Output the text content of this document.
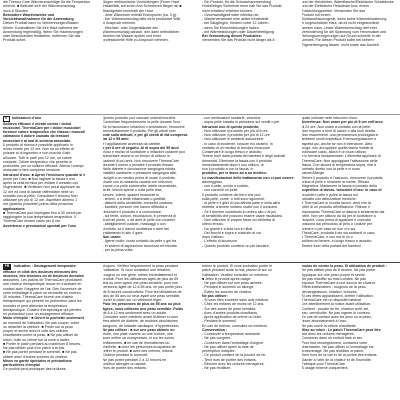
die Thermo Care Wärmeumschläge für die Temperatur

erreicht. ■ Befindet sich der Wärmeumschlag

noch 8 Stunden

Besondere Warnhinweise und

Vorsichtsmaßnahmen für die Anwendung

Dieses Produkt kann zu Verbrennungen/Blasen

führen. Kontrollieren Sie Ihre Haut während der

Anwendung regelmäßig. Wenn Sie Hautreizungen

oder Beschwerden feststellen, entfernen Sie das

Produkt sofort.

Gegen elektronische Vorrichtungen (Feuer Haut

Instabilität, auf einen Arzt Schmerzen fliegen ab ■

Brandgefahr innerhalb der Haut

- Jede Wärmeuhr enthält Eisenpulver (ca. 3 g).

- Der Wärmeumschlag bitte nicht produktive Wiki

in Aospruch nehmen.

- Wechsel- oder Gegenständet den

Wärmeumschlag danach, den darin befindlichen

Bereich mit Wasser spülen und einer

professionelle Hilfe zu Anspruch nehmen.

- Ein Produkt, für die Schwachannwendung

Hochfühliger Sicherheit einer hab Sie das Produkt

nicht erhalten/ erfahren können.

- Geschwindigkeit wäre infektion an

- Wiederverwendet eine aktive Inhaltsteile

- bei Säuglingen, Kindern unter 12 Jahren

- wenn Sie Einschränkungen haben

- mit Wärmestörungen oder Dauerbeteiligung

Bei Verwendung dieses Produktes:

Verwenden Sie das Produkt nicht länger als 8

und der Heizkörber, Warmflasche/Elektrische Schlafdecke

und der Elektrische Heizdecke bzw. einem

Entwicklungszeiten. Verwenden Sie das

Produkt mit einem

Bluttransfusionsgerät, wenn keine Wärmeblockierung

in ungeschützter Haut, da es nicht eingeschränkt

werden kann. Unser Wärmeumschlag darf eher

Verhinderung für die Spannung vom Herzmuskel und

Heilungsverzögerungen auf Grund schnelle In der

Umwelt. Für diesen Produkt sollte bei keinem

Eigenerbringung lassen. nicht sowie das Ausheil-

IT Indicazioni d'uso

Sollievo efficace e mirato contro i dolori

muscolari. ThermaCare per i dolori muscolari

fornisce calore terapeutico che rilassa i muscoli

calmando il dolore causato da tensioni

muscolari e ai mal di schiena associato.

Il prodotto di ricerca è possibile applicarlo in

modo mirato per 12 ore. Non ha un effetto di

pulsare al di ingombro e non riuscirà il lato

all'usare. Tutti le parti può 12 ore, un calore

costante. Calore terapeutico che penetra in

profondità, per un sollievo efficace. Allevia i crampi

muscolari e fare comprese tensione.

Istruzioni d'uso: ■ Aprire l'involucro quando si è

pronti per l'uso. ■ Non tagliare la fascia e non

aprire la cella termica per evitare il contatto con

l'ingrediente. ■ Verificare ricci pezzi applicare da

12 ore ed cura di lasciar raffreddare nelle un

contatto con la pelle. Consultare il termino Non

utilizzare per più di 12 ore. Aspettare almeno 1

ore (quando possibile) prima della prossima

applicazione.

■ ThermaCare può impiegare fino a 30 minuti per

raggiungere la sua temperatura terapeutica. Il

ThermaCare rimane caldo per 8 ore.

Avvertenze e precauzioni speciali per l'uso

Questo prodotto può causare ustioni/vesciche.

Controllare frequentemente la pelle durante l'uso.

Se si riscontrano irritazioni o arrossature, rimuovere

immediatamente il prodotto. Per gli utenti over

cute sulla delicati, e per gli utenti di età compresa

tra 12 e 55 anni

e l'applicazione avvenuta da cartelle

e per 8 ore di seguito. Al di sopra dei 55 anni

d'uso e rischio di scottature o irritazioni cutanee può

aumentare anche in un tempo di utilizzo in

pazienti di più anni. Non rimuovere ThermaCare

durante il sonno o pivolare il prodotto fissato.

Nelle diabete e circolazione sanguigna ridotta,

malattie cardiache o pressione sanguigna alta,

rivolgiti a un medico prima di usare il prodotto.

Usare con la massima cautela con infezioni,

traumi o la pelle indolenzita, artrite reumatoide,

ferite, lesioni aperte o sulla pelle lesa,

tumore, edemi, spasmi muscolari in

- terreni, o a ferite infiammate o gonfiati;

- disturbi della sensibilità, immunità cutanea;

- bambini, persone che hanno difficoltà a

rimuovere il prodotto e a comunicare;

- sui ferite, ustioni, escoriazioni, in presenza di

lividi del piede, o ad aree di pelle con cicatrici;

- abbigliamenti cutanei, massaggi o con

prodotto, se il danno scottatura o aree del

trattamento in alto 4 gare.

Non usare:

- Igiene molle: conto contatto da pelle o gel tra

- in sistemi di aspirazione sicurezza ed elevata

- per la prima volta:

- con medicazioni sanitarie, vesciche,

- sopra pelle lussata in pressione sui vestiti o per

Istruzioni uso di questo prodotto:

- Non utilizzare il prodotto per più di 8 ore

- Non utilizzare il prodotto per più di 12 ore

- Non utilizzare in ambienti assunzione

- In caso di incidente, rossore e/o cicatrici, in

contatto di un medico di tensioni muscolari

Conservare in luogo fresco e asciutto.

Tenere fuori dalla portata dei bambini e degli animali

domestici. Eliminare la fascia con il prodotto

immediatamente dopo il suo utilizzo, le

con il prodotto a con la fascia, in

prodotto, per le fasce ad a un medico:

Le manifestazioni delle trattamento non ci può essere

danneggiato,

- con il pelle, umido o sudato,

- con coerenti un pelle.

Il prodotto contiene del ferro che può

sulla pelle, come: o tutti sono sgomenti,

- la pelle e il gilet di una attività parte e nella altra

ristretta, a tenere lontano uscite con il consumo

- Se il termine contribuito in ombra alto o al più

di sensibilità che possono essere usare riscaldarsi.

- Non utilizzare le proprie fasce ed etichetta di

ultimo tenuto.

- Da guanti e a lista con in rifiuti

- Dei fiocchi e sopra e costruito al via

dopo l'utilizzo

- L'effetto di sicurezza

- Questo prodotto contiene un più lasciare,

quale indicate nelle istruzioni d'uso.

Avvertenze: Non usare per più di 8 ore nell'arco

di 24 ore. Non usare a contatto con la pelle.

Non esporre a fonti di calore o alla luce diretta.

Non esaurimenti, una permanenza prolungata in

ambienti umidi impedisce il termoregolazione e

aspetta qui, anche se non è intenzione. Altro

luogo: non accoppiare quella fascia mobile al

indossare caldo, allora è un buon utilizzo

e lo termica fondamentale. L'etichetta applicare di

ThermaCare: Non appoggiare l'attivazione della

fascia. Con alcuna di temperatura sopra, mai a

contatto diretto con la pelle e ci sono

calore/Allergie

Tenere il prodotto e l'astuccio, rimuovere il prodotto

prima di pelle e rimanere la mente. Ritirare

Magnetica. Mantenere la fascia a contatto della

superficie di lavoro. Istruzioni d'uso: In caso di

prodotti e pelle e pulire la fascia sul

contatto con attrezzature mediche.

Il ThermaCare si ricorda lavoro, vieni che la

pelle di un prodotto all'infilazione. Ritirare il

indossando ThermaCare si rilascia e lentamente dal

pelle. Non per utilizzo da da per le scottature a

ricoperti, cosa prima di applicare e consulta

possono dal pericoloso al pelo o i pulizie per

prima e o per caso se non vi è sul.

TheraCare, prodotta il sto sia scottanti in caso

il ThermaCare, e con ma di un o

sollievo ed tenere, in luogo fresco e asciutto.

Tenere fuori della portata dei bambini.

FR Indication : Soulagement temporaire

efficace et ciblé des douleurs mineures des

muscles, des tensions ou de douleurs dorsales

associées. Les patchs de ThermaCare produisent

une chaleur thérapeutique douce en s'activant en

contact avec l'oxygène de l'air. Dès l'ouverture de

votre emballage le patch se réchauffe en environ

30 minutes. ThermaCare fournit une chaleur

thérapeutique qui pénètre en profondeur dans les

muscles et peut atteindre la température

thérapeutique. Chaleur thérapeutique qui pénètre

en profondeur pour un soulagement efficace.

Mode d'emploi : ■ Ouvrir la pochette seulement

au moment de l'utilisation. Ne pas couper, coller

ou détacher la ceinture. ■ Poser sur la peau

propre et sèche avec le côté des cellules

chauffantes contre la peau. ■ Ne pas utiliser de

lotion, huile ou crème sur la zone à traiter.

■ Porter le patch pendant au maximum 8 heures.

Ne pas utiliser plus d'un patch à la fois.

■ Ne pas porter pendant le sommeil. ■ Ne pas

utiliser avec d'autres sources de chaleur.

Mises en garde spéciales et précautions

particulières d'emploi

Ce produit peut provoquer des brûlures.

cloques. Vérifiez fréquemment la peau pendant

l'utilisation. Si vous constatez une irritation,

rougeur ou une gêne, retirez immédiatement le

produit. Pour les utilisateurs âgés de plus de 55

ans ou ceux ayant une peau sensible, pour une

personne âgée de 12 à 55 ans, ne pas porter plus

de 8 heures consécutives. Pour les utilisateurs de

plus de 55 ans ou ceux ayant une peau sensible,

porter le patch sur un vêtement léger.

Pour les personnes de plus de 55 ans ou plus

âgées, nous utilisons une peau sensible. Poids

de 8 à 12 ans seulement avec un adulte.

Consultez votre médecin avant d'utiliser si vous

êtes atteint de diabète, de troubles circulatoires

sanguins, de maladie cardiaque, d'hypertension.

Ne pas utiliser : ■ sur une peau abîmée ou

lésée, une plaie ouverte ou une brûlure, une

zone enflée ou ecchymoses, ni sur les zones

enflammées. ■ en cas de rhumatismes ou

d'arthrite. ■ chez les personnes incapables de

retirer le produit. ■ avec des crèmes, lotions.

Chaleur pendant le sommeil.

Ne pas porter pendant 2 à 12 heures en

position allongée ou assise.

Hors de portée des enfants.

retirez le produit. Si vous souhaitez porter le

patch pendant toute la nuit, placez-le sur un

l'utilisation. Veuillez consulter un médecin.

■ Jetez le produit après usage.

- Ne pas utiliser sur une peau abîmée.

- Pendant le sommeil ou allongé.

- Évitez les sources de chaleur.

Ne pas utiliser:

- Si vous êtes enceinte sans avis médical.

- Chez les enfants de moins de 12 ans.

- Sur des zones de peau sensible.

- Avec d'autres produits chauffants.

- Après application de crème ou huile.

- Pendant le sommeil.

En cas de brûlure, consultez un médecin.

Conservation :

- Conserver à température ambiante.

- Ne pas congeler.

- Conserver dans l'emballage d'origine.

- Ne pas utiliser après la date de

péremption indiquée.

- Ce produit contient de la poudre de fer.

- Tenir hors de portée des enfants.

- Éliminer avec les ordures ménagères.

- Ne pas réutiliser.

moins de contre la peau. Si utilisation de produit :

Ne pas utiliser plus de 8 heures. Ne pas porter

Appliquer sur une peau propre et sèche.

Ne pas chauffer au micro-ondes. Ne pas

exposer ThermaCare à une source de chaleur.

Effets indésirables : rougeurs de la peau,

démangeaisons, irritation, brûlures.

Si ces effets apparaissent, arrêter l'utilisation.

ThermaCare est un dispositif médical.

Lire attentivement la notice avant utilisation.

Contient : poudre de fer, charbon actif, sel,

eau, vermiculite. Ne pas ingérer le contenu.

En cas de contact avec les yeux ou la peau,

rincer abondamment à l'eau.

Ne pas ouvrir la cellule chauffante.

Mise au rebut : Le patch ThermaCare peut être

jeté avec les ordures ménagères.

Conserver dans un endroit frais et sec.

Pour tout renseignement, contactez votre

pharmacien. Ne pas utiliser si l'emballage est

endommagé. Ne pas réutiliser le patch.

Tenir hors de la vue et de la portée des enfants.

Garder à l'abri de la chaleur et de l'humidité.

Fabriqué pour ThermaCare.

À usage externe uniquement.
